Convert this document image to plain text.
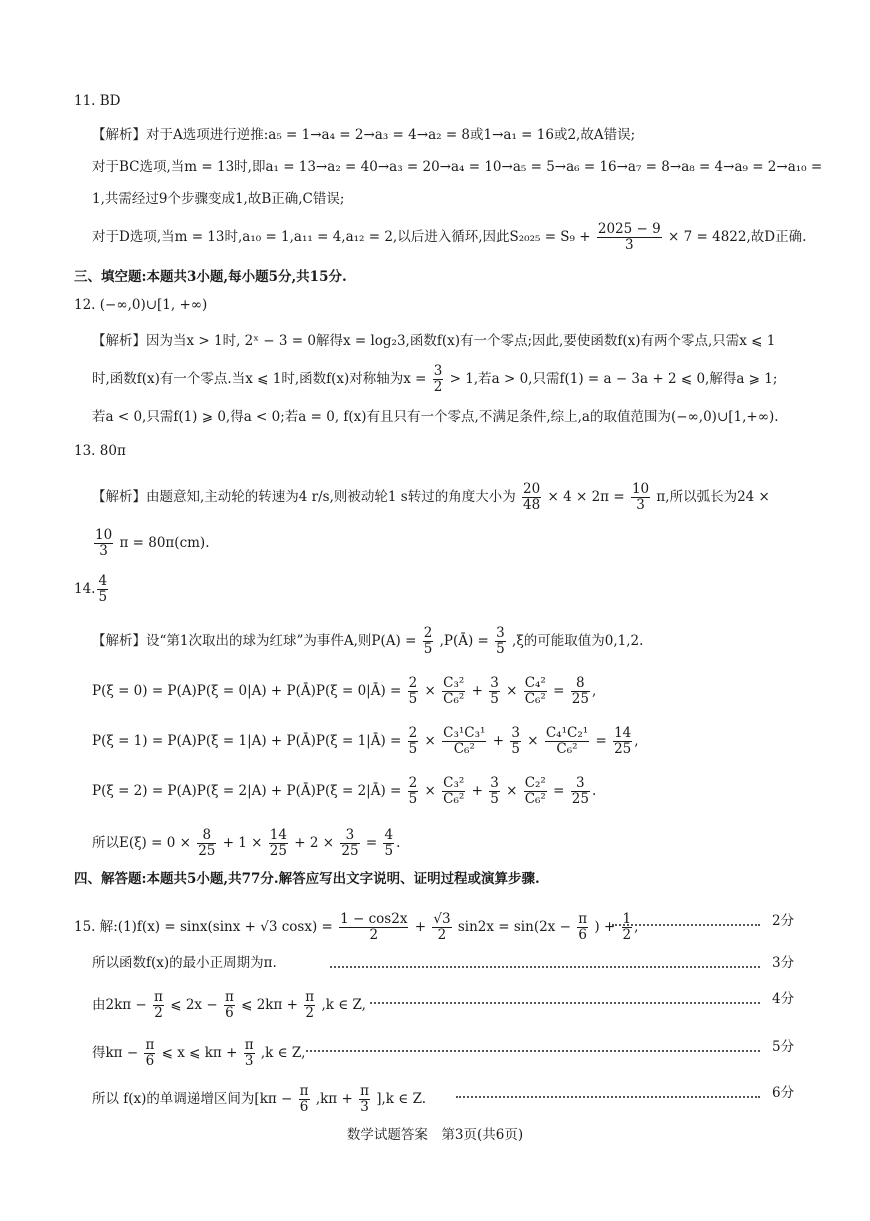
11. BD
【解析】对于A选项进行逆推:a₅ = 1→a₄ = 2→a₃ = 4→a₂ = 8或1→a₁ = 16或2,故A错误;
对于BC选项,当m = 13时,即a₁ = 13→a₂ = 40→a₃ = 20→a₄ = 10→a₅ = 5→a₆ = 16→a₇ = 8→a₈ = 4→a₉ = 2→a₁₀ =
1,共需经过9个步骤变成1,故B正确,C错误;
对于D选项,当m = 13时,a₁₀ = 1,a₁₁ = 4,a₁₂ = 2,以后进入循环,因此$S_{2025} = S_9 + \frac{2025 - 9}{3} \times 7 = 4822$,故D正确.
三、填空题:本题共3小题,每小题5分,共15分.
12. (−∞,0)∪[1, +∞)
【解析】因为当x > 1时, 2ˣ − 3 = 0解得x = log₂3,函数f(x)有一个零点;因此,要使函数f(x)有两个零点,只需x ⩽ 1
时,函数f(x)有一个零点.当x ⩽ 1时,函数f(x)对称轴为$x = \frac{3}{2} > 1$,若a > 0,只需f(1) = a − 3a + 2 ⩽ 0,解得a ⩾ 1;
若a < 0,只需f(1) ⩾ 0,得a < 0;若a = 0, f(x)有且只有一个零点,不满足条件,综上,a的取值范围为(−∞,0)∪[1,+∞).
13. 80π
【解析】由题意知,主动轮的转速为4 r/s,则被动轮1 s转过的角度大小为 $\frac{20}{48} \times 4 \times 2\pi = \frac{10}{3} \pi$,所以弧长为24 ×
$\frac{10}{3}$ π = 80π(cm).
14. $\frac{4}{5}$
【解析】设“第1次取出的球为红球”为事件A,则$P(A) = \frac{2}{5}$ ,P(Ā) = $\frac{3}{5} ,\xi$的可能取值为0,1,2.
P(ξ = 0) = P(A)P(ξ = 0|A) + P(Ā)P(ξ = 0|Ā) = $\frac{2}{5} \times \frac{\text{C₃²}}{\text{C₆²}} + \frac{3}{5} \times \frac{\text{C₄²}}{\text{C₆²}} = \frac{8}{25}$ ,
P(ξ = 1) = P(A)P(ξ = 1|A) + P(Ā)P(ξ = 1|Ā) = $\frac{2}{5} \times \frac{\text{C₃¹C₃¹}}{\text{C₆²}} + \frac{3}{5} \times \frac{\text{C₄¹C₂¹}}{\text{C₆²}} = \frac{14}{25}$ ,
P(ξ = 2) = P(A)P(ξ = 2|A) + P(Ā)P(ξ = 2|Ā) = $\frac{2}{5} \times \frac{\text{C₃²}}{\text{C₆²}} + \frac{3}{5} \times \frac{\text{C₂²}}{\text{C₆²}} = \frac{3}{25}$ .
所以$E(\xi) = 0 \times \frac{8}{25} + 1 \times \frac{14}{25} + 2 \times \frac{3}{25} = \frac{4}{5}$ .
四、解答题:本题共5小题,共77分.解答应写出文字说明、证明过程或演算步骤.
15. 解:(1)f(x) = sinx(sinx + √3 $\cos x) = \frac{1 - \cos 2x}{2} + \frac{√3}{2} \sin 2x = \sin(2x - \frac{\pi}{6}$ ) + $\frac{1}{2}$ ,	2分
所以函数f(x)的最小正周期为π.	3分
由$2k\pi - \frac{\pi}{2}$ ⩽ $2x - \frac{\pi}{6}$ ⩽ $2k\pi + \frac{\pi}{2} ,k$ ∈ Z,	4分
得$k\pi - \frac{\pi}{6}$ ⩽ x ⩽ $k\pi + \frac{\pi}{3} ,k$ ∈ Z,	5分
所以 f(x)的单调递增区间为$[k\pi - \frac{\pi}{6} ,k\pi + \frac{\pi}{3} ],k$ ∈ Z.	6分
数学试题答案　第3页(共6页)
